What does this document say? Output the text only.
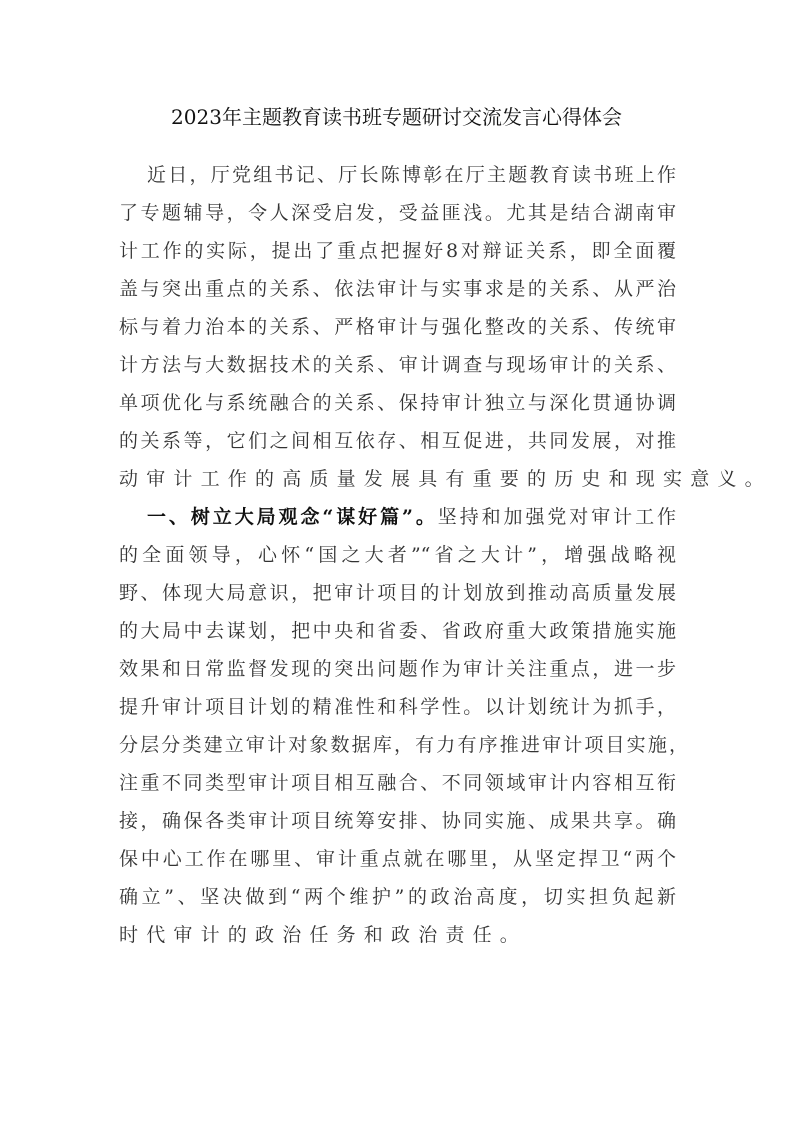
2023年主题教育读书班专题研讨交流发言心得体会
近日，厅党组书记、厅长陈博彰在厅主题教育读书班上作
了专题辅导，令人深受启发，受益匪浅。尤其是结合湖南审
计工作的实际，提出了重点把握好8对辩证关系，即全面覆
盖与突出重点的关系、依法审计与实事求是的关系、从严治
标与着力治本的关系、严格审计与强化整改的关系、传统审
计方法与大数据技术的关系、审计调查与现场审计的关系、
单项优化与系统融合的关系、保持审计独立与深化贯通协调
的关系等，它们之间相互依存、相互促进，共同发展，对推
动审计工作的高质量发展具有重要的历史和现实意义。
一、树立大局观念“谋好篇”。坚持和加强党对审计工作
的全面领导，心怀“国之大者”“省之大计”，增强战略视
野、体现大局意识，把审计项目的计划放到推动高质量发展
的大局中去谋划，把中央和省委、省政府重大政策措施实施
效果和日常监督发现的突出问题作为审计关注重点，进一步
提升审计项目计划的精准性和科学性。以计划统计为抓手，
分层分类建立审计对象数据库，有力有序推进审计项目实施，
注重不同类型审计项目相互融合、不同领域审计内容相互衔
接，确保各类审计项目统筹安排、协同实施、成果共享。确
保中心工作在哪里、审计重点就在哪里，从坚定捍卫“两个
确立”、坚决做到“两个维护”的政治高度，切实担负起新
时代审计的政治任务和政治责任。
